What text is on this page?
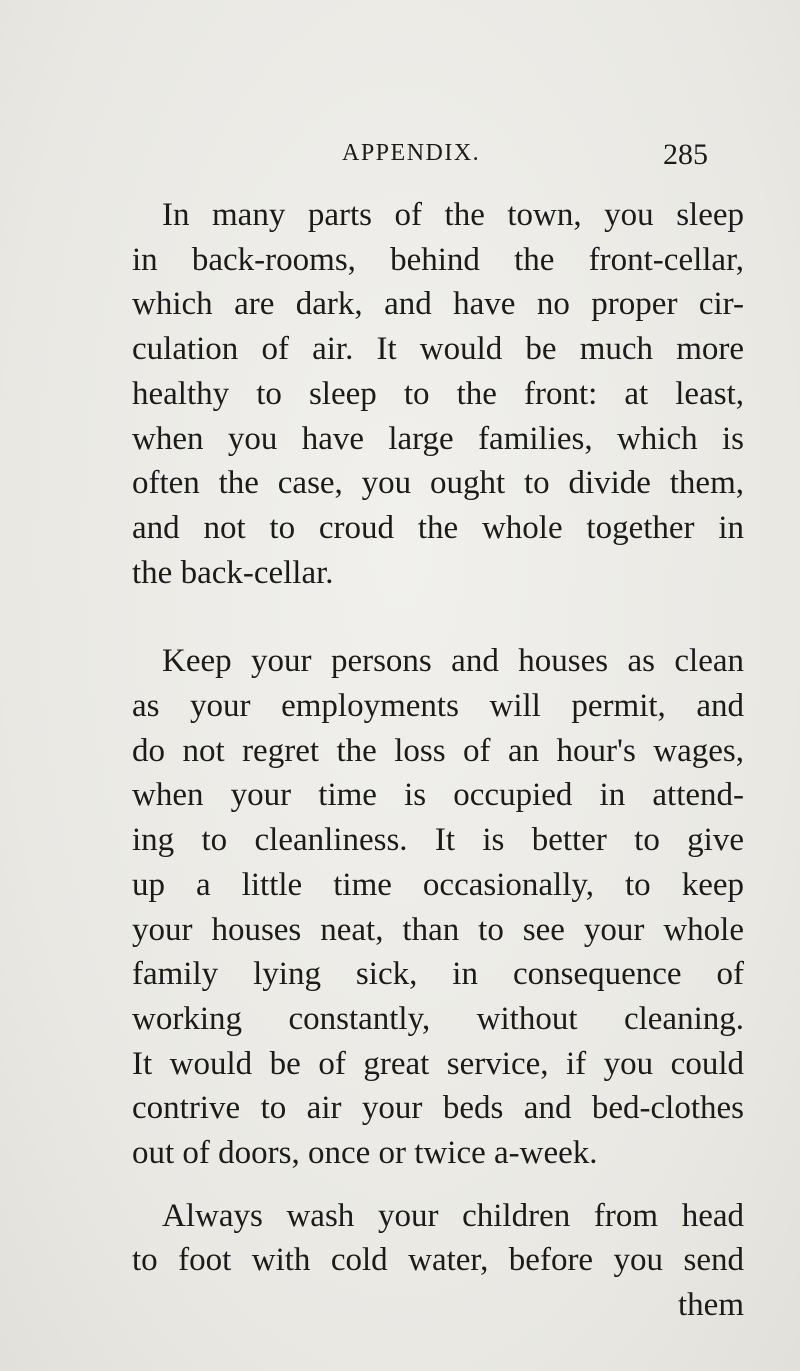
APPENDIX.	285
In many parts of the town, you sleep
in back-rooms, behind the front-cellar,
which are dark, and have no proper cir-
culation of air. It would be much more
healthy to sleep to the front: at least,
when you have large families, which is
often the case, you ought to divide them,
and not to croud the whole together in
the back-cellar.
Keep your persons and houses as clean
as your employments will permit, and
do not regret the loss of an hour's wages,
when your time is occupied in attend-
ing to cleanliness. It is better to give
up a little time occasionally, to keep
your houses neat, than to see your whole
family lying sick, in consequence of
working constantly, without cleaning.
It would be of great service, if you could
contrive to air your beds and bed-clothes
out of doors, once or twice a-week.
Always wash your children from head
to foot with cold water, before you send
them
